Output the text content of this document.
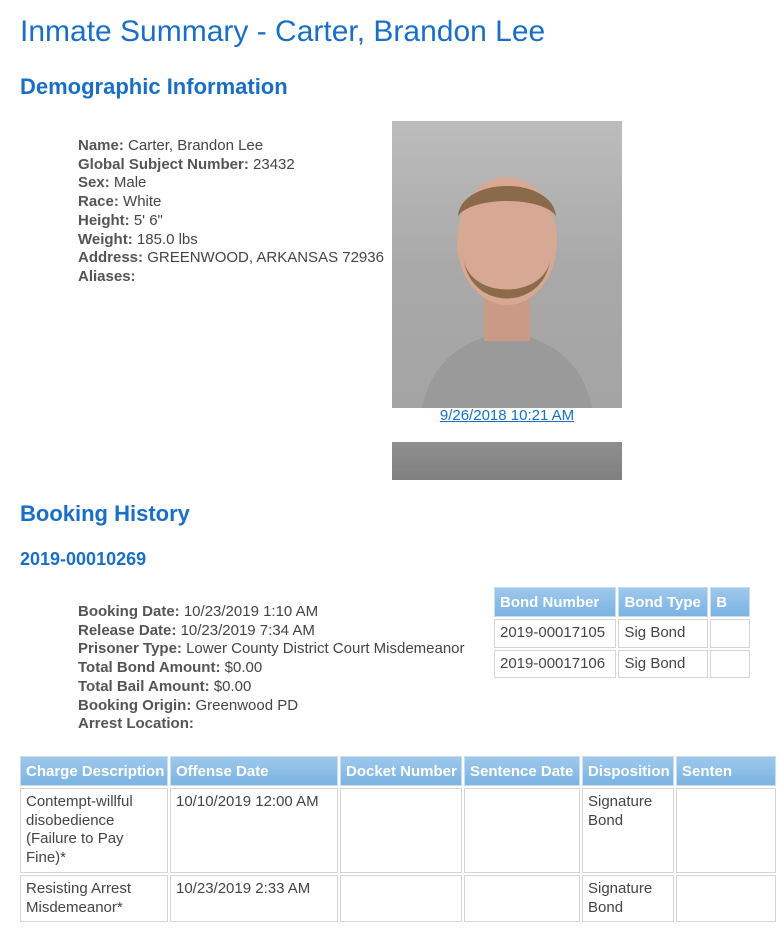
Inmate Summary - Carter, Brandon Lee
Demographic Information
Name: Carter, Brandon Lee
Global Subject Number: 23432
Sex: Male
Race: White
Height: 5' 6"
Weight: 185.0 lbs
Address: GREENWOOD, ARKANSAS 72936
Aliases:
9/26/2018 10:21 AM
Booking History
2019-00010269
Booking Date: 10/23/2019 1:10 AM
Release Date: 10/23/2019 7:34 AM
Prisoner Type: Lower County District Court Misdemeanor
Total Bond Amount: $0.00
Total Bail Amount: $0.00
Booking Origin: Greenwood PD
Arrest Location:
Bond Number	Bond Type	B
2019-00017105	Sig Bond	
2019-00017106	Sig Bond	
Charge Description	Offense Date	Docket Number	Sentence Date	Disposition	Senten
Contempt-willful disobedience (Failure to Pay Fine)*	10/10/2019 12:00 AM			Signature Bond	
Resisting Arrest Misdemeanor*	10/23/2019 2:33 AM			Signature Bond	
